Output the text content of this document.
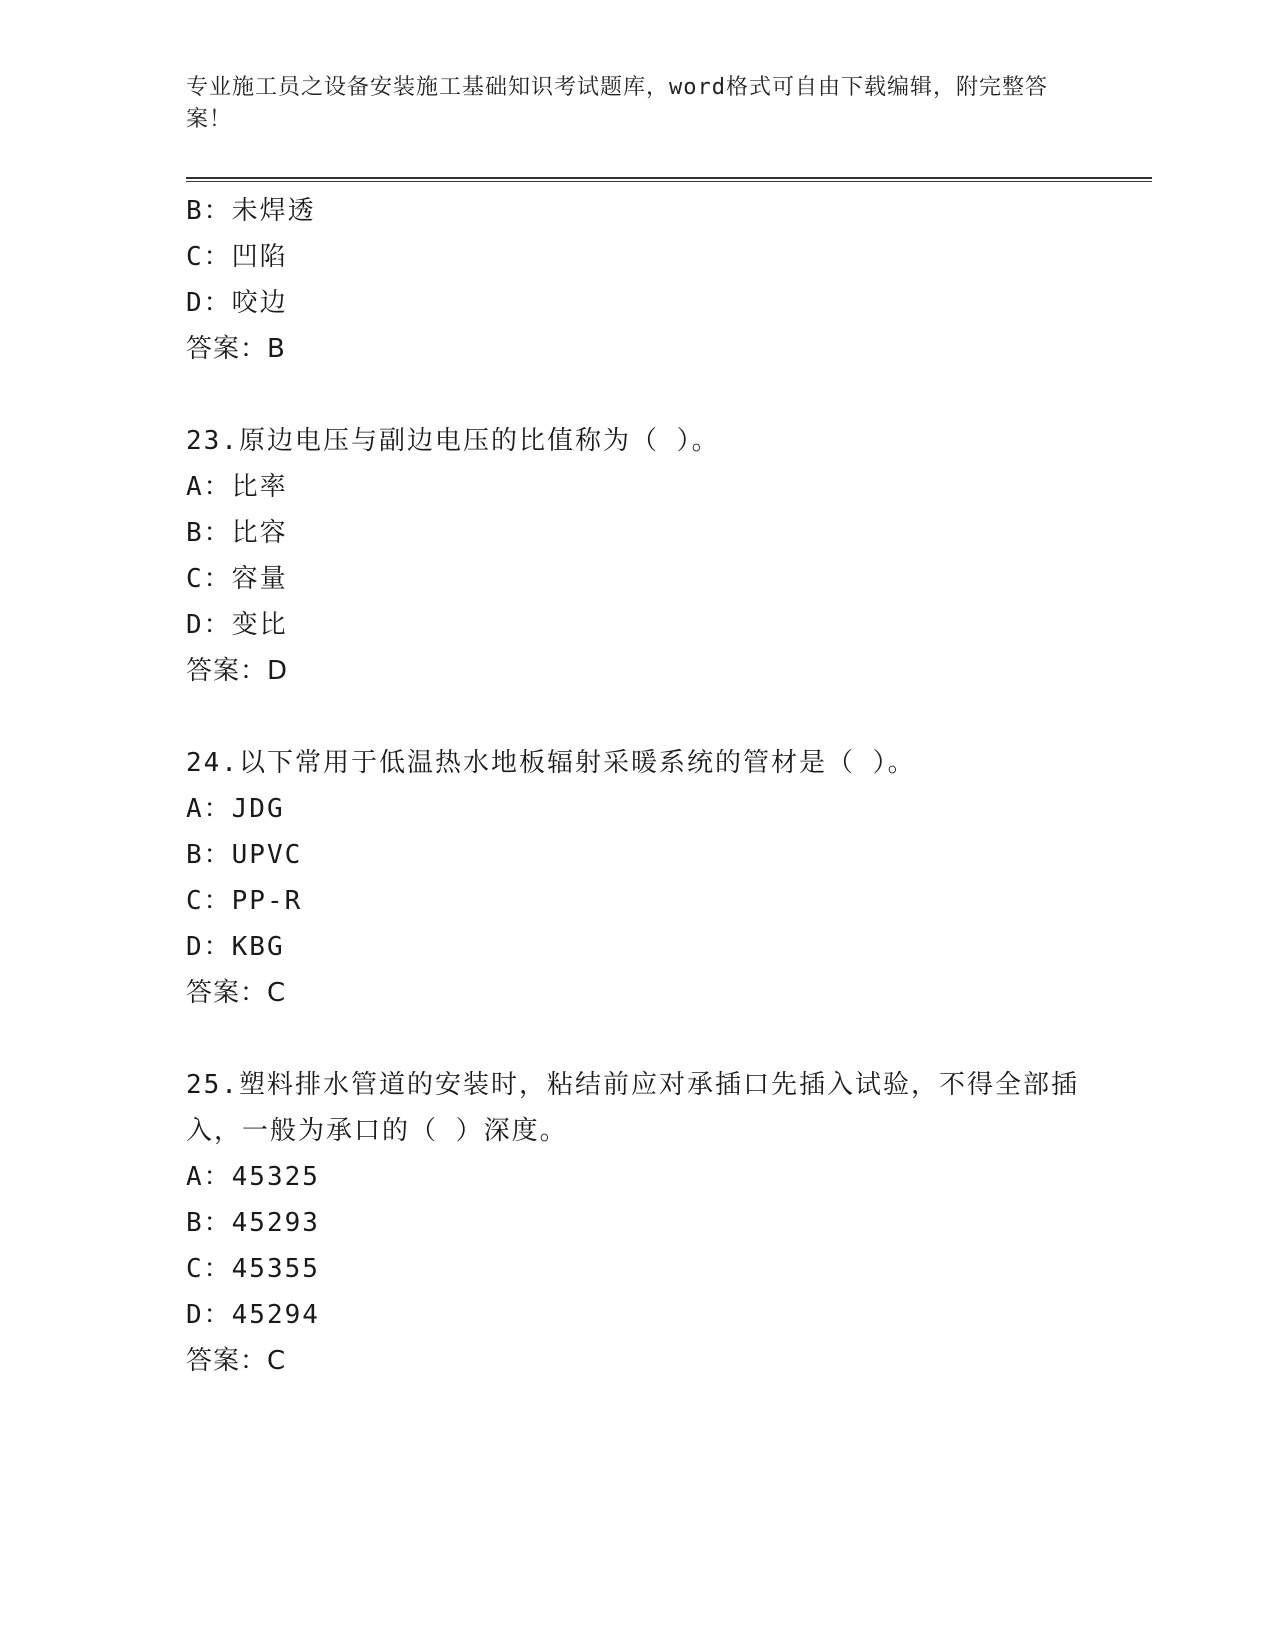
专业施工员之设备安装施工基础知识考试题库，word格式可自由下载编辑，附完整答案！
B：未焊透
C：凹陷
D：咬边
答案：B
23.原边电压与副边电压的比值称为（ ）。
A：比率
B：比容
C：容量
D：变比
答案：D
24.以下常用于低温热水地板辐射采暖系统的管材是（ ）。
A：JDG
B：UPVC
C：PP-R
D：KBG
答案：C
25.塑料排水管道的安装时，粘结前应对承插口先插入试验，不得全部插入，一般为承口的（ ）深度。
A：45325
B：45293
C：45355
D：45294
答案：C
